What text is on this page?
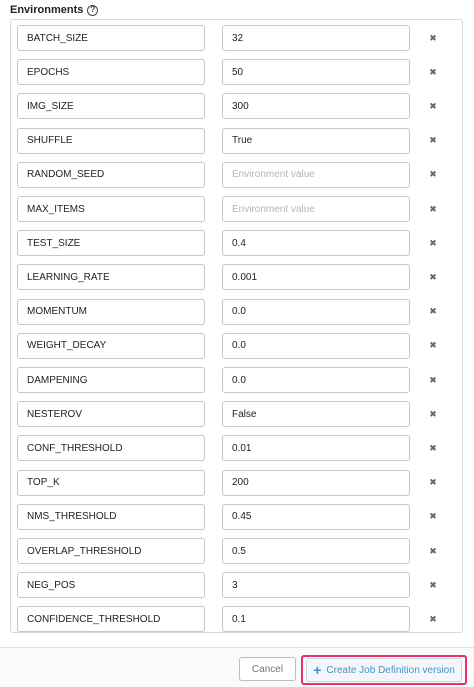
Environments ?
BATCH_SIZE	32	✖
EPOCHS	50	✖
IMG_SIZE	300	✖
SHUFFLE	True	✖
RANDOM_SEED	Environment value	✖
MAX_ITEMS	Environment value	✖
TEST_SIZE	0.4	✖
LEARNING_RATE	0.001	✖
MOMENTUM	0.0	✖
WEIGHT_DECAY	0.0	✖
DAMPENING	0.0	✖
NESTEROV	False	✖
CONF_THRESHOLD	0.01	✖
TOP_K	200	✖
NMS_THRESHOLD	0.45	✖
OVERLAP_THRESHOLD	0.5	✖
NEG_POS	3	✖
CONFIDENCE_THRESHOLD	0.1	✖
Cancel	+ Create Job Definition version
